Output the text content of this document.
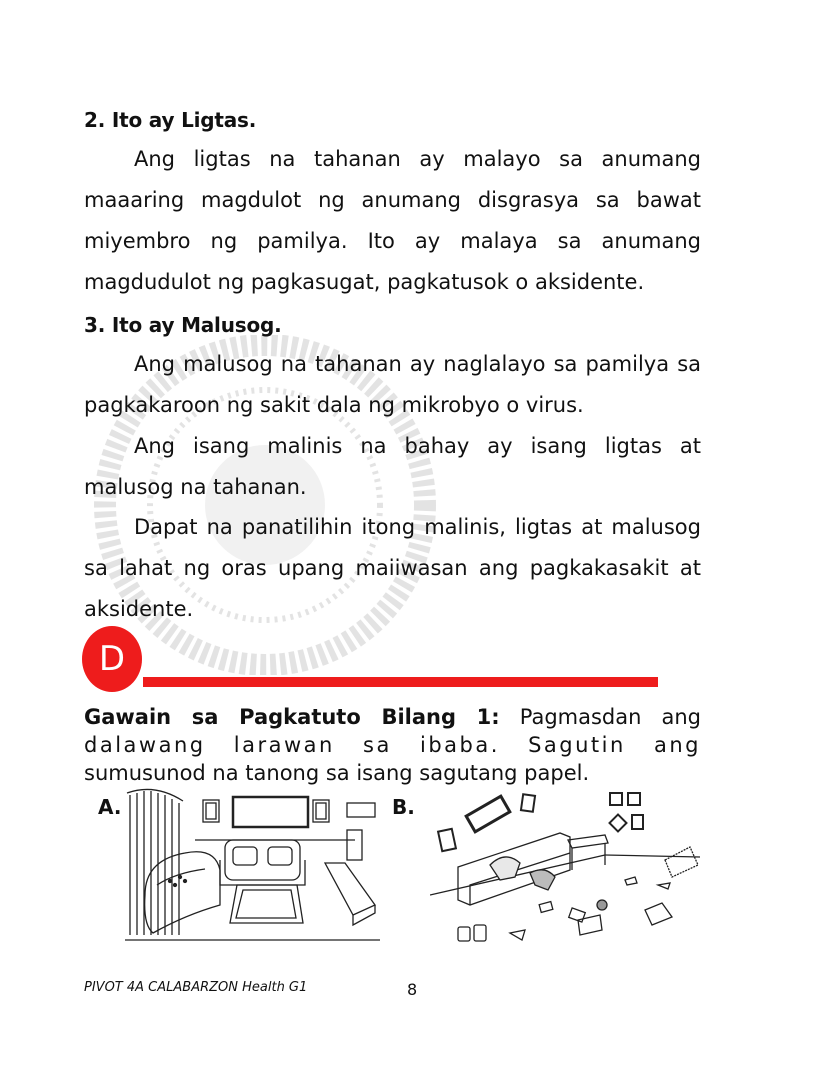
2. Ito ay Ligtas.
Ang ligtas na tahanan ay malayo sa anumang maaaring magdulot ng anumang disgrasya sa bawat miyembro ng pamilya. Ito ay malaya sa anumang magdudulot ng pagkasugat, pagkatusok o aksidente.
3. Ito ay Malusog.
Ang malusog na tahanan ay naglalayo sa pamilya sa pagkakaroon ng sakit dala ng mikrobyo o virus.
Ang isang malinis na bahay ay isang ligtas at malusog na tahanan.
Dapat na panatilihin itong malinis, ligtas at malusog sa lahat ng oras upang maiiwasan ang pagkakasakit at aksidente.
D
Gawain sa Pagkatuto Bilang 1: Pagmasdan ang
dalawang larawan sa ibaba. Sagutin ang
sumusunod na tanong sa isang sagutang papel.
A.	B.
PIVOT 4A CALABARZON Health G1	8
